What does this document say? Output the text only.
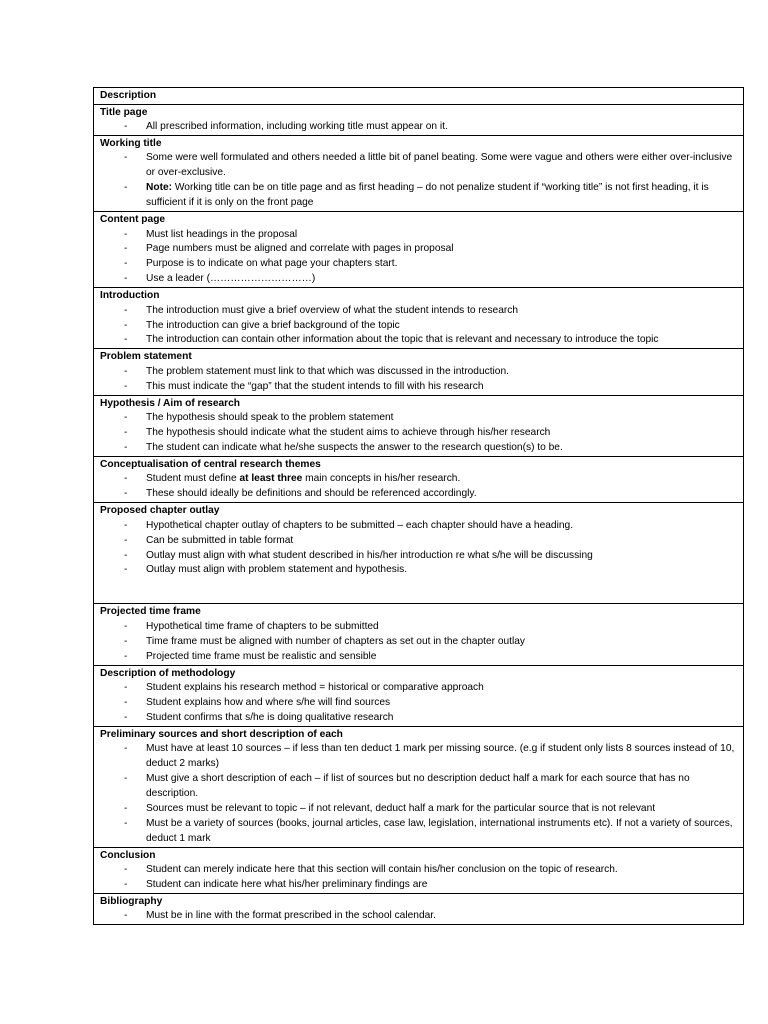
Description
Title page
- All prescribed information, including working title must appear on it.
Working title
- Some were well formulated and others needed a little bit of panel beating. Some were vague and others were either over-inclusive or over-exclusive.
- Note: Working title can be on title page and as first heading – do not penalize student if “working title” is not first heading, it is sufficient if it is only on the front page
Content page
- Must list headings in the proposal
- Page numbers must be aligned and correlate with pages in proposal
- Purpose is to indicate on what page your chapters start.
- Use a leader (…………………………)
Introduction
- The introduction must give a brief overview of what the student intends to research
- The introduction can give a brief background of the topic
- The introduction can contain other information about the topic that is relevant and necessary to introduce the topic
Problem statement
- The problem statement must link to that which was discussed in the introduction.
- This must indicate the “gap” that the student intends to fill with his research
Hypothesis / Aim of research
- The hypothesis should speak to the problem statement
- The hypothesis should indicate what the student aims to achieve through his/her research
- The student can indicate what he/she suspects the answer to the research question(s) to be.
Conceptualisation of central research themes
- Student must define at least three main concepts in his/her research.
- These should ideally be definitions and should be referenced accordingly.
Proposed chapter outlay
- Hypothetical chapter outlay of chapters to be submitted – each chapter should have a heading.
- Can be submitted in table format
- Outlay must align with what student described in his/her introduction re what s/he will be discussing
- Outlay must align with problem statement and hypothesis.
Projected time frame
- Hypothetical time frame of chapters to be submitted
- Time frame must be aligned with number of chapters as set out in the chapter outlay
- Projected time frame must be realistic and sensible
Description of methodology
- Student explains his research method = historical or comparative approach
- Student explains how and where s/he will find sources
- Student confirms that s/he is doing qualitative research
Preliminary sources and short description of each
- Must have at least 10 sources – if less than ten deduct 1 mark per missing source. (e.g if student only lists 8 sources instead of 10, deduct 2 marks)
- Must give a short description of each – if list of sources but no description deduct half a mark for each source that has no description.
- Sources must be relevant to topic – if not relevant, deduct half a mark for the particular source that is not relevant
- Must be a variety of sources (books, journal articles, case law, legislation, international instruments etc). If not a variety of sources, deduct 1 mark
Conclusion
- Student can merely indicate here that this section will contain his/her conclusion on the topic of research.
- Student can indicate here what his/her preliminary findings are
Bibliography
- Must be in line with the format prescribed in the school calendar.
